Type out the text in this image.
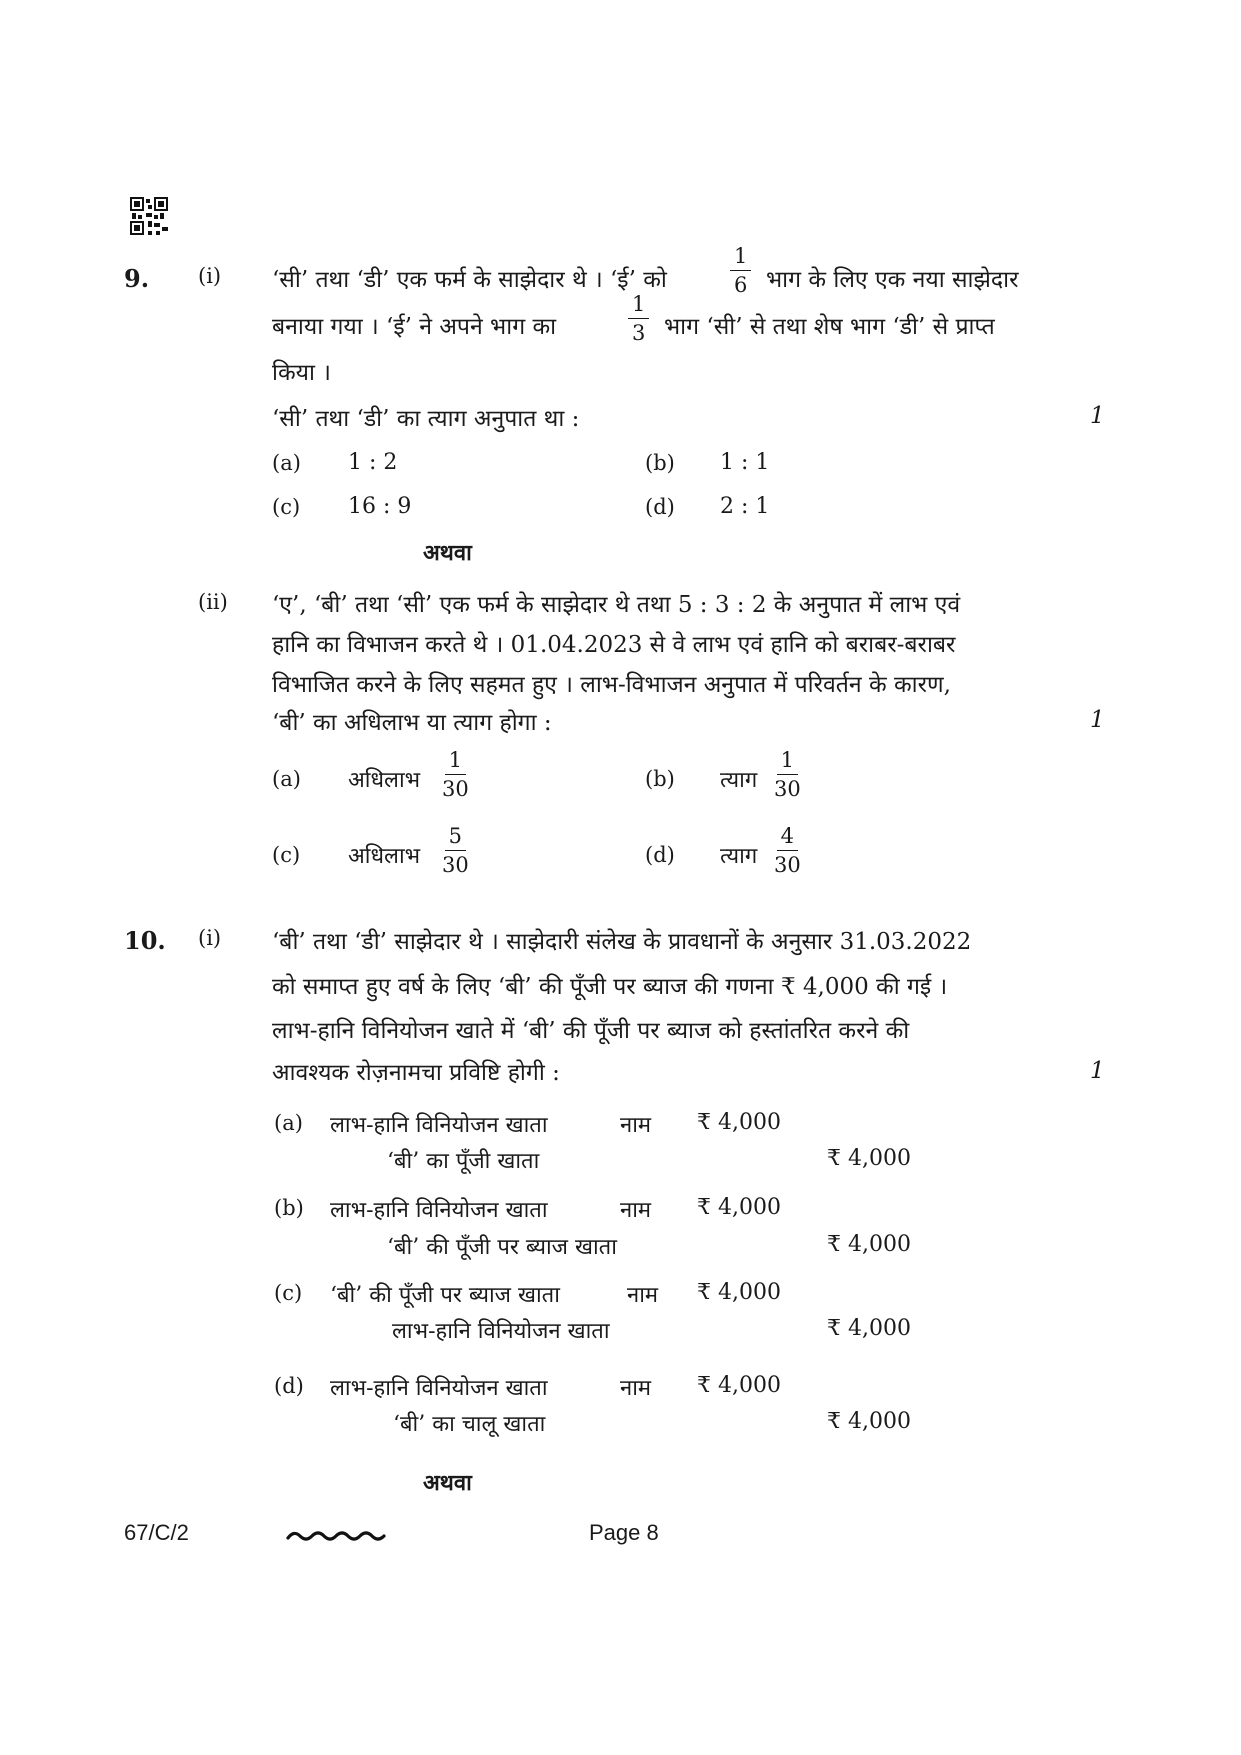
9. (i) ‘सी’ तथा ‘डी’ एक फर्म के साझेदार थे । ‘ई’ को	$\frac{1}{6}$ भाग के लिए एक नया साझेदार
बनाया गया । ‘ई’ ने अपने भाग का	$\frac{1}{3}$ भाग ‘सी’ से तथा शेष भाग ‘डी’ से प्राप्त
किया ।
‘सी’ तथा ‘डी’ का त्याग अनुपात था :	1
(a) 1 : 2	(b) 1 : 1
(c) 16 : 9	(d) 2 : 1
अथवा
(ii) ‘ए’, ‘बी’ तथा ‘सी’ एक फर्म के साझेदार थे तथा 5 : 3 : 2 के अनुपात में लाभ एवं
हानि का विभाजन करते थे । 01.04.2023 से वे लाभ एवं हानि को बराबर-बराबर
विभाजित करने के लिए सहमत हुए । लाभ-विभाजन अनुपात में परिवर्तन के कारण,
‘बी’ का अधिलाभ या त्याग होगा :	1
(a) अधिलाभ $\frac{1}{30}$	(b) त्याग $\frac{1}{30}$
(c) अधिलाभ $\frac{5}{30}$	(d) त्याग $\frac{4}{30}$
10. (i) ‘बी’ तथा ‘डी’ साझेदार थे । साझेदारी संलेख के प्रावधानों के अनुसार 31.03.2022
को समाप्त हुए वर्ष के लिए ‘बी’ की पूँजी पर ब्याज की गणना ₹ 4,000 की गई ।
लाभ-हानि विनियोजन खाते में ‘बी’ की पूँजी पर ब्याज को हस्तांतरित करने की
आवश्यक रोज़नामचा प्रविष्टि होगी :	1
(a) लाभ-हानि विनियोजन खाता	नाम ₹ 4,000
‘बी’ का पूँजी खाता	₹ 4,000
(b) लाभ-हानि विनियोजन खाता	नाम ₹ 4,000
‘बी’ की पूँजी पर ब्याज खाता	₹ 4,000
(c) ‘बी’ की पूँजी पर ब्याज खाता	नाम ₹ 4,000
लाभ-हानि विनियोजन खाता	₹ 4,000
(d) लाभ-हानि विनियोजन खाता	नाम ₹ 4,000
‘बी’ का चालू खाता	₹ 4,000
अथवा
67/C/2	Page 8
